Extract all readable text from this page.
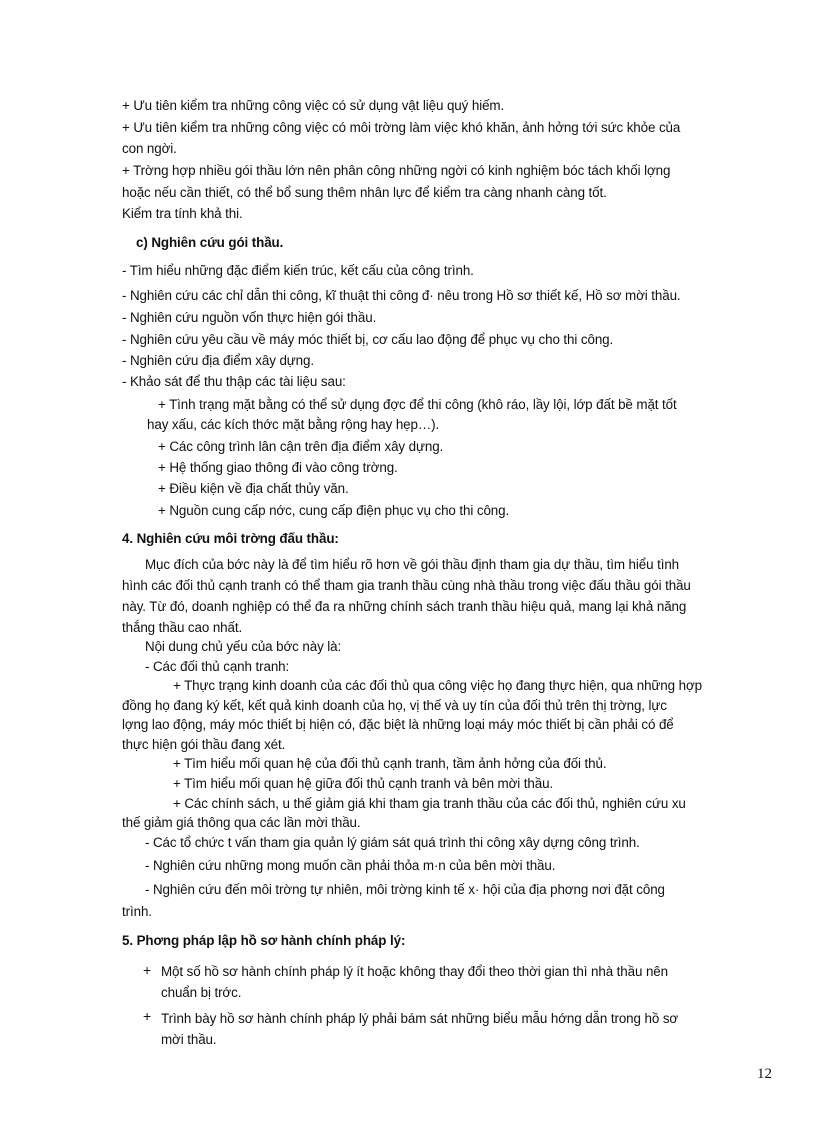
+ Ưu tiên kiểm tra những công việc có sử dụng vật liệu quý hiếm.
+ Ưu tiên kiểm tra những công việc có môi trờng làm việc khó khăn, ảnh hởng tới sức khỏe của
con ngời.
+ Trờng hợp nhiều gói thầu lớn nên phân công những ngời có kinh nghiệm bóc tách khối lợng
hoặc nếu cần thiết, có thể bổ sung thêm nhân lực để kiểm tra càng nhanh càng tốt.
Kiểm tra tính khả thi.
c) Nghiên cứu gói thầu.
- Tìm hiểu những đặc điểm kiến trúc, kết cấu của công trình.
- Nghiên cứu các chỉ dẫn thi công, kĩ thuật thi công đ· nêu trong Hồ sơ thiết kế, Hồ sơ mời thầu.
- Nghiên cứu nguồn vốn thực hiện gói thầu.
- Nghiên cứu yêu cầu về máy móc thiết bị, cơ cấu lao động để phục vụ cho thi công.
- Nghiên cứu địa điểm xây dựng.
- Khảo sát để thu thập các tài liệu sau:
+ Tình trạng mặt bằng có thể sử dụng đợc để thi công (khô ráo, lầy lội, lớp đất bề mặt tốt
hay xấu, các kích thớc mặt bằng rộng hay hẹp…).
+ Các công trình lân cận trên địa điểm xây dựng.
+ Hệ thống giao thông đi vào công trờng.
+ Điều kiện về địa chất thủy văn.
+ Nguồn cung cấp nớc, cung cấp điện phục vụ cho thi công.
4. Nghiên cứu môi trờng đấu thầu:
Mục đích của bớc này là để tìm hiểu rõ hơn về gói thầu định tham gia dự thầu, tìm hiểu tình
hình các đối thủ cạnh tranh có thể tham gia tranh thầu cùng nhà thầu trong việc đấu thầu gói thầu
này. Từ đó, doanh nghiệp có thể đa ra những chính sách tranh thầu hiệu quả, mang lại khả năng
thắng thầu cao nhất.
Nội dung chủ yếu của bớc này là:
- Các đối thủ cạnh tranh:
+ Thực trạng kinh doanh của các đối thủ qua công việc họ đang thực hiện, qua những hợp
đồng họ đang ký kết, kết quả kinh doanh của họ, vị thế và uy tín của đối thủ trên thị trờng, lực
lợng lao động, máy móc thiết bị hiện có, đặc biệt là những loại máy móc thiết bị cần phải có để
thực hiện gói thầu đang xét.
+ Tìm hiểu mối quan hệ của đối thủ cạnh tranh, tầm ảnh hởng của đối thủ.
+ Tìm hiểu mối quan hệ giữa đối thủ cạnh tranh và bên mời thầu.
+ Các chính sách, u thế giảm giá khi tham gia tranh thầu của các đối thủ, nghiên cứu xu
thế giảm giá thông qua các lần mời thầu.
- Các tổ chức t vấn tham gia quản lý giám sát quá trình thi công xây dựng công trình.
- Nghiên cứu những mong muốn cần phải thỏa m·n của bên mời thầu.
- Nghiên cứu đến môi trờng tự nhiên, môi trờng kinh tế x· hội của địa phơng nơi đặt công
trình.
5. Phơng pháp lập hồ sơ hành chính pháp lý:
+ Một số hồ sơ hành chính pháp lý ít hoặc không thay đổi theo thời gian thì nhà thầu nên
chuẩn bị trớc.
+ Trình bày hồ sơ hành chính pháp lý phải bám sát những biểu mẫu hớng dẫn trong hồ sơ
mời thầu.
12
